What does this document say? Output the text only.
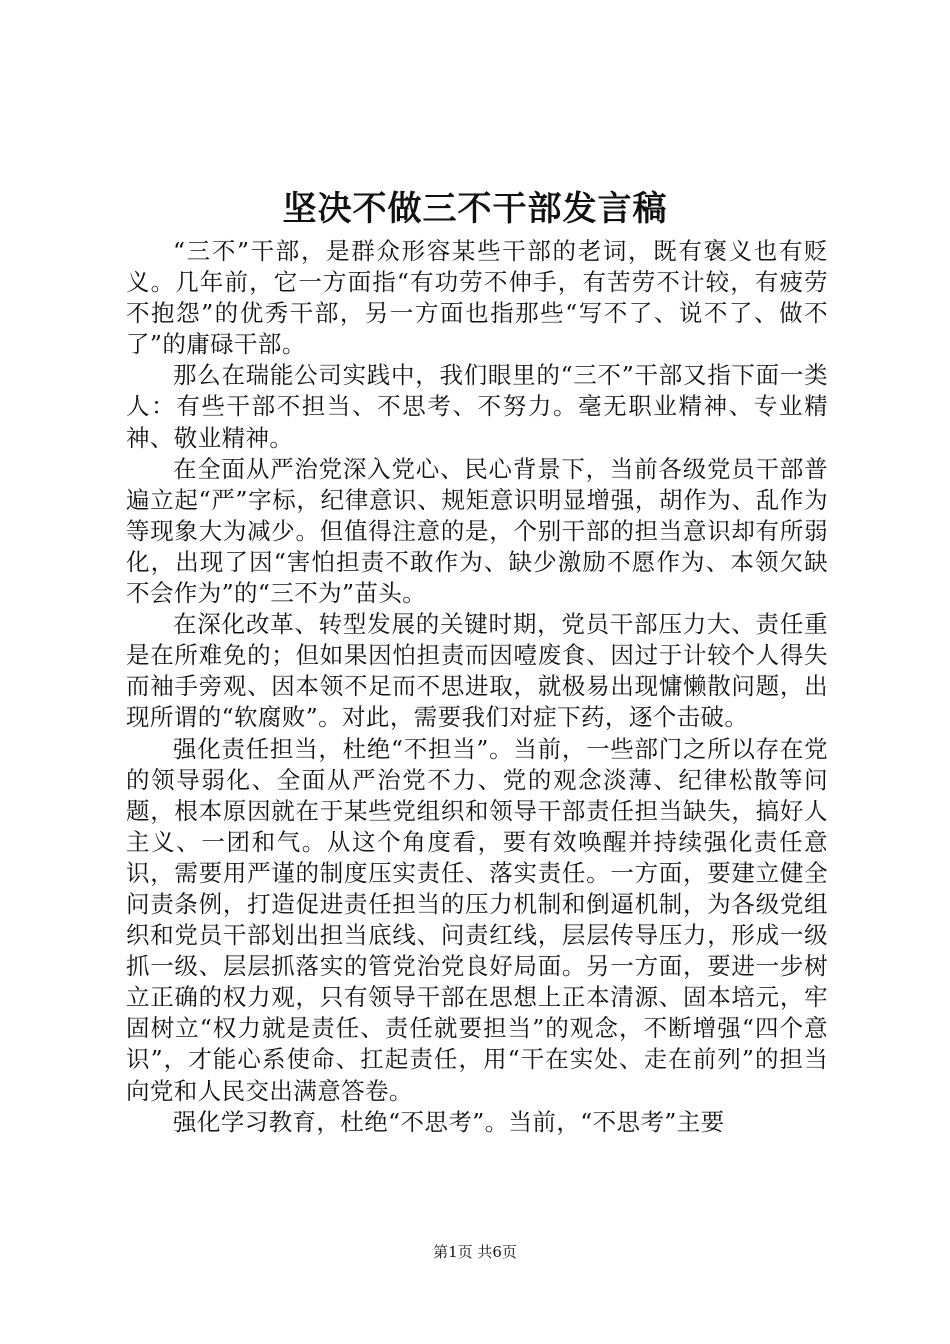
坚决不做三不干部发言稿

“三不”干部，是群众形容某些干部的老词，既有褒义也有贬义。几年前，它一方面指“有功劳不伸手，有苦劳不计较，有疲劳不抱怨”的优秀干部，另一方面也指那些“写不了、说不了、做不了”的庸碌干部。

那么在瑞能公司实践中，我们眼里的“三不”干部又指下面一类人：有些干部不担当、不思考、不努力。毫无职业精神、专业精神、敬业精神。

在全面从严治党深入党心、民心背景下，当前各级党员干部普遍立起“严”字标，纪律意识、规矩意识明显增强，胡作为、乱作为等现象大为减少。但值得注意的是，个别干部的担当意识却有所弱化，出现了因“害怕担责不敢作为、缺少激励不愿作为、本领欠缺不会作为”的“三不为”苗头。

在深化改革、转型发展的关键时期，党员干部压力大、责任重是在所难免的；但如果因怕担责而因噎废食、因过于计较个人得失而袖手旁观、因本领不足而不思进取，就极易出现慵懒散问题，出现所谓的“软腐败”。对此，需要我们对症下药，逐个击破。

强化责任担当，杜绝“不担当”。当前，一些部门之所以存在党的领导弱化、全面从严治党不力、党的观念淡薄、纪律松散等问题，根本原因就在于某些党组织和领导干部责任担当缺失，搞好人主义、一团和气。从这个角度看，要有效唤醒并持续强化责任意识，需要用严谨的制度压实责任、落实责任。一方面，要建立健全问责条例，打造促进责任担当的压力机制和倒逼机制，为各级党组织和党员干部划出担当底线、问责红线，层层传导压力，形成一级抓一级、层层抓落实的管党治党良好局面。另一方面，要进一步树立正确的权力观，只有领导干部在思想上正本清源、固本培元，牢固树立“权力就是责任、责任就要担当”的观念，不断增强“四个意识”，才能心系使命、扛起责任，用“干在实处、走在前列”的担当向党和人民交出满意答卷。

强化学习教育，杜绝“不思考”。当前，“不思考”主要

第1页 共6页
